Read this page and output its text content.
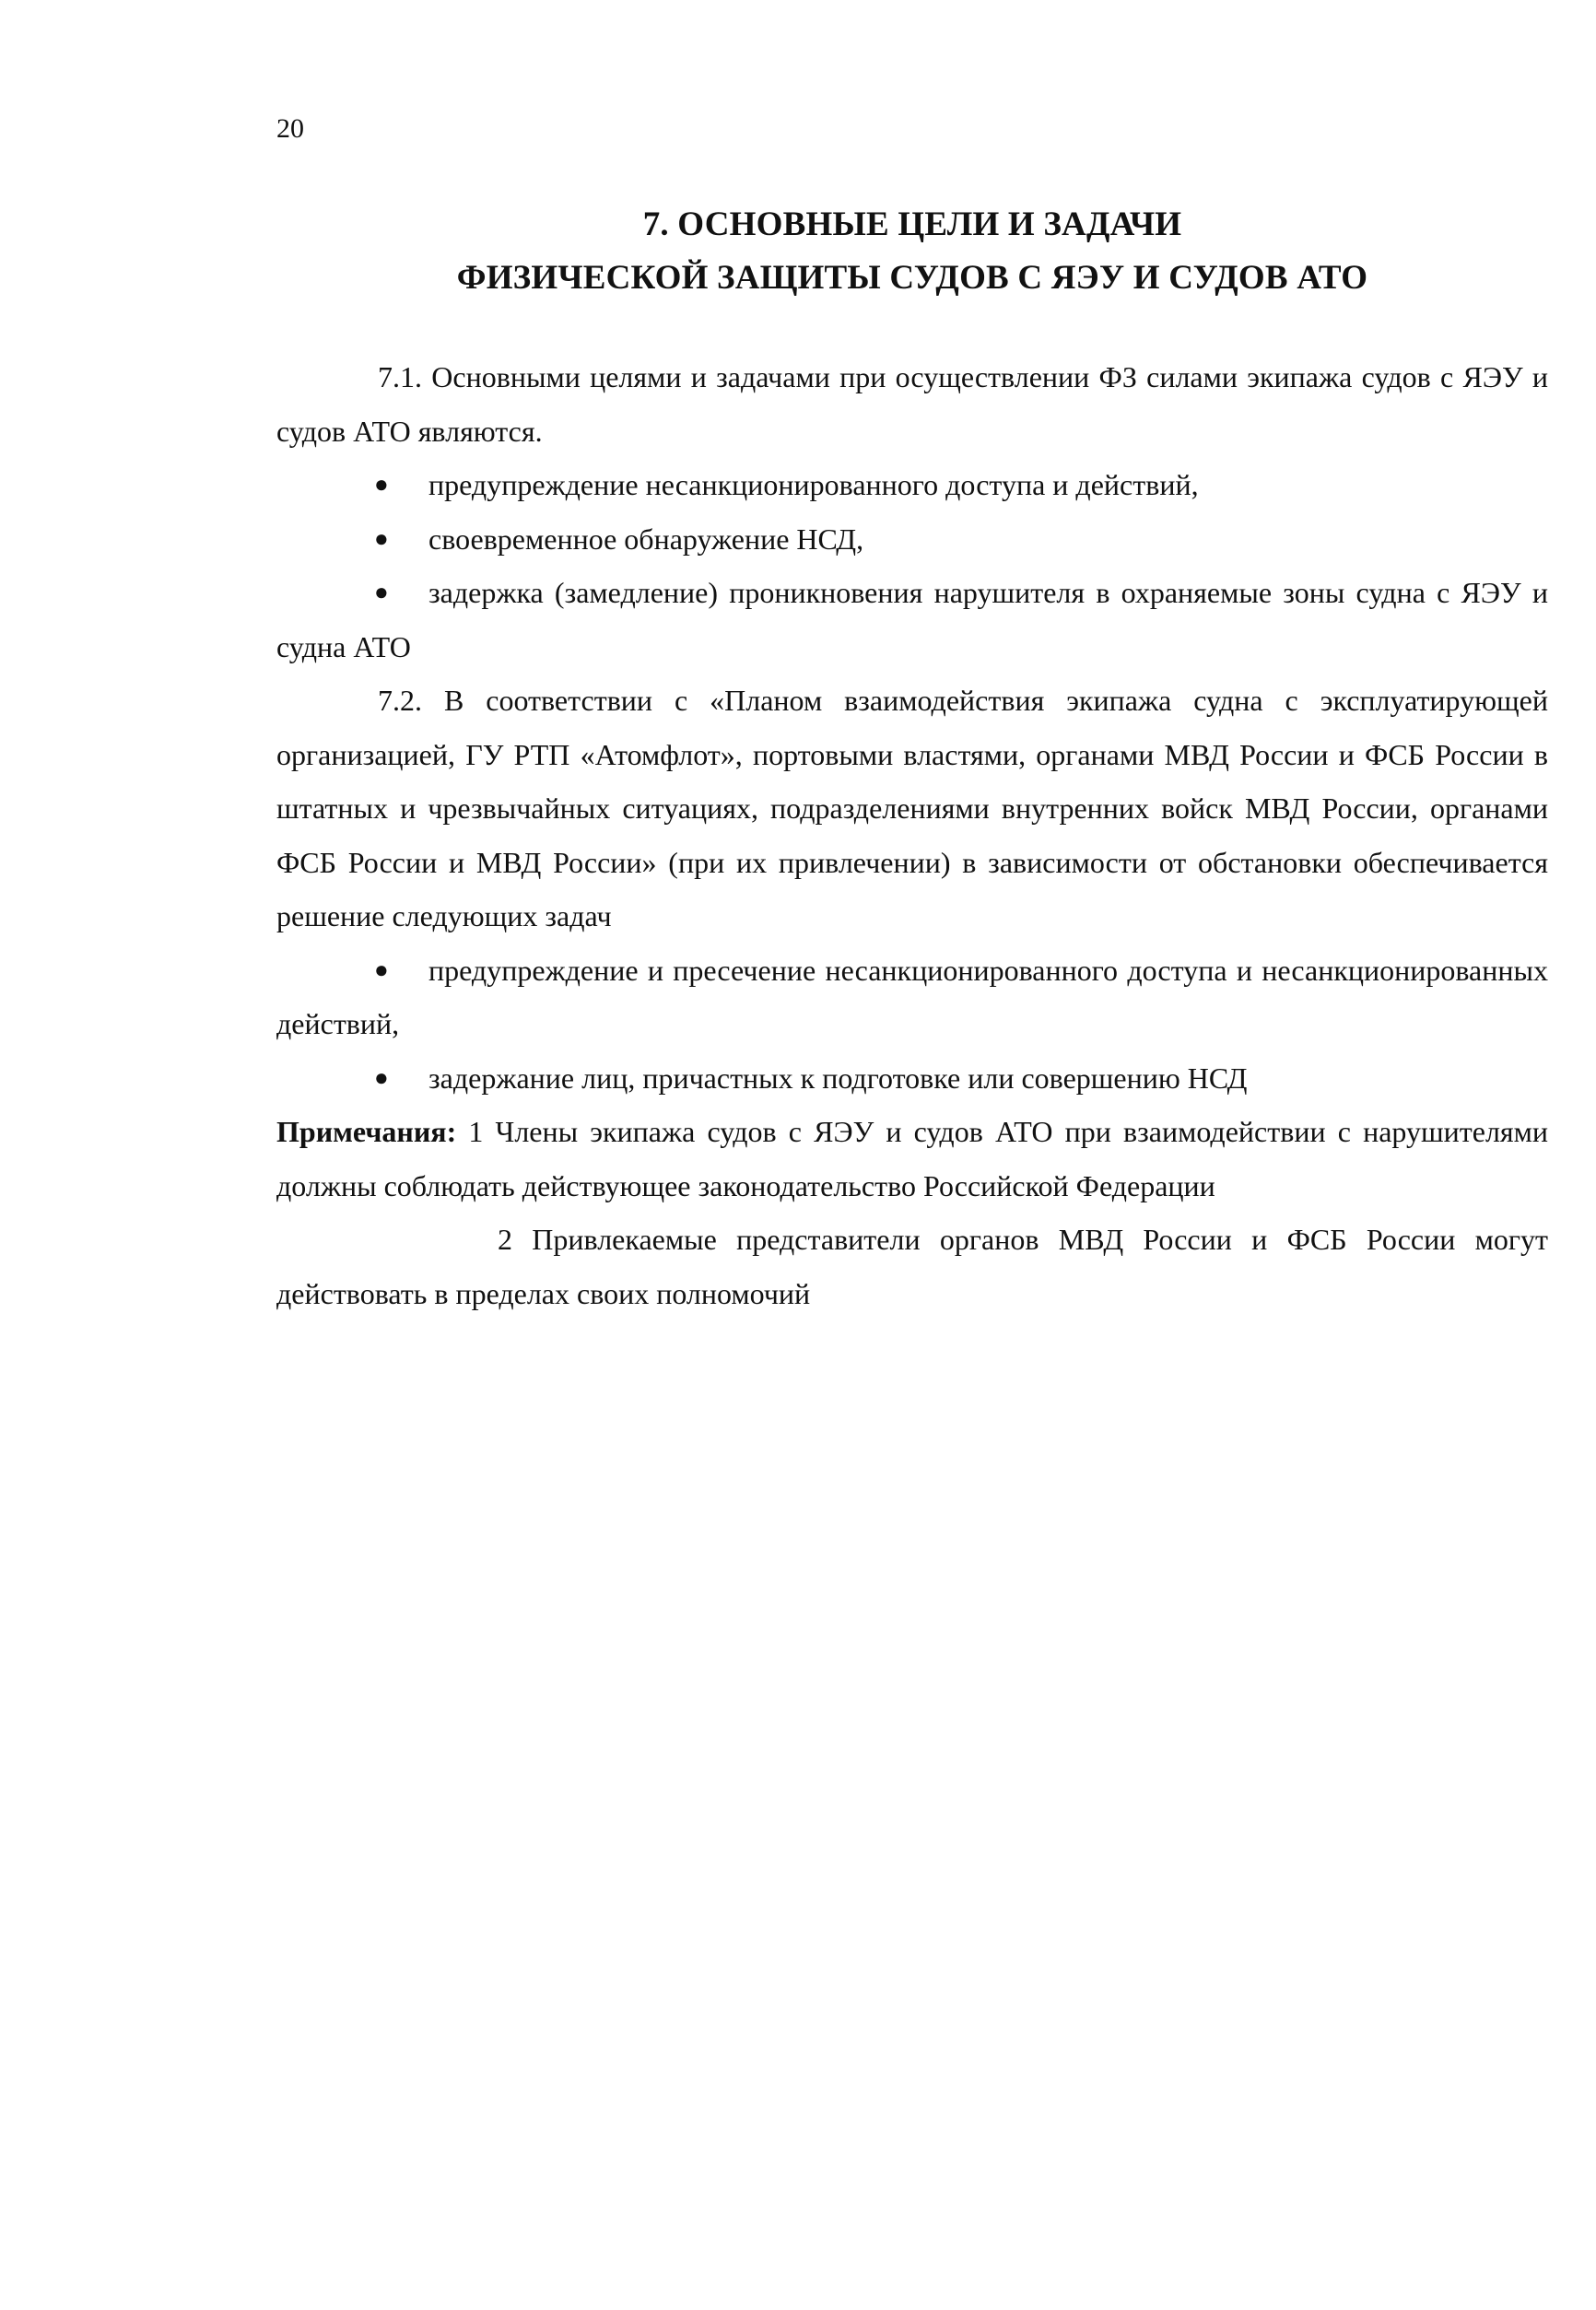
20
7. ОСНОВНЫЕ ЦЕЛИ И ЗАДАЧИ
ФИЗИЧЕСКОЙ ЗАЩИТЫ СУДОВ С ЯЭУ И СУДОВ АТО

7.1. Основными целями и задачами при осуществлении ФЗ силами экипажа судов с ЯЭУ и судов АТО являются.

● предупреждение несанкционированного доступа и действий,
● своевременное обнаружение НСД,
● задержка (замедление) проникновения нарушителя в охраняемые зоны судна с ЯЭУ и судна АТО

7.2. В соответствии с «Планом взаимодействия экипажа судна с эксплуатирующей организацией, ГУ РТП «Атомфлот», портовыми властями, органами МВД России и ФСБ России в штатных и чрезвычайных ситуациях, подразделениями внутренних войск МВД России, органами ФСБ России и МВД России» (при их привлечении) в зависимости от обстановки обеспечивается решение следующих задач

● предупреждение и пресечение несанкционированного доступа и несанкционированных действий,
● задержание лиц, причастных к подготовке или совершению НСД

Примечания: 1 Члены экипажа судов с ЯЭУ и судов АТО при взаимодействии с нарушителями должны соблюдать действующее законодательство Российской Федерации

2 Привлекаемые представители органов МВД России и ФСБ России могут действовать в пределах своих полномочий
